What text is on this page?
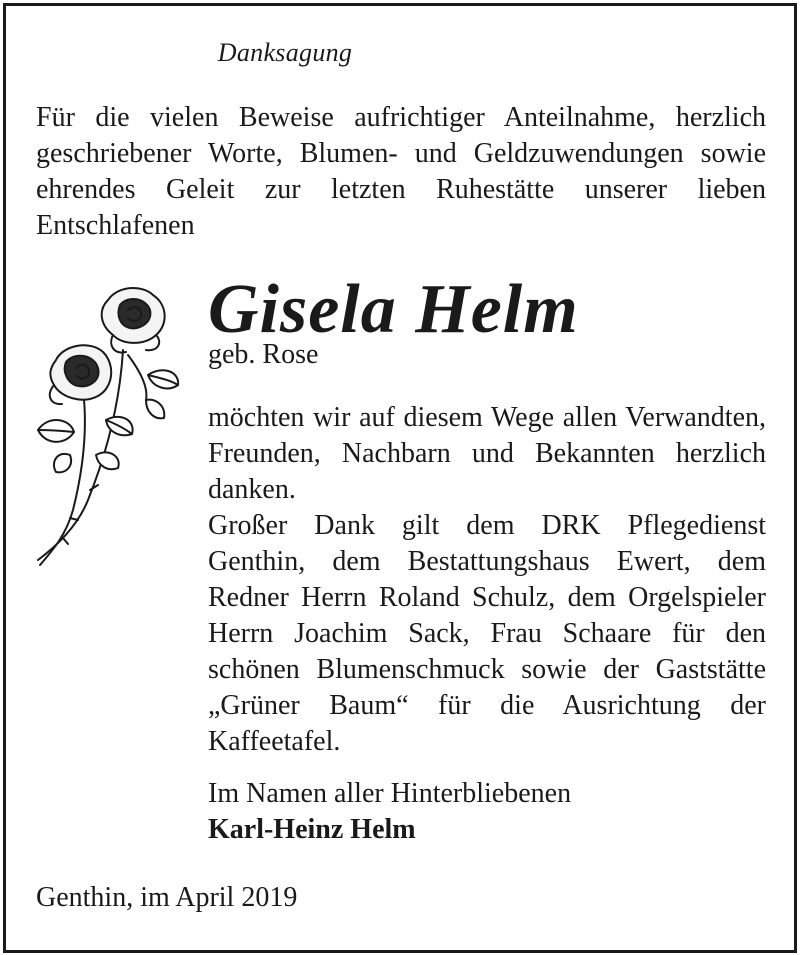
Danksagung

Für die vielen Beweise aufrichtiger Anteilnahme, herzlich geschriebener Worte, Blumen- und Geldzuwendungen sowie ehrendes Geleit zur letzten Ruhestätte unserer lieben Entschlafenen

Gisela Helm
geb. Rose

möchten wir auf diesem Wege allen Verwandten, Freunden, Nachbarn und Bekannten herzlich danken.

Großer Dank gilt dem DRK Pflegedienst Genthin, dem Bestattungshaus Ewert, dem Redner Herrn Roland Schulz, dem Orgelspieler Herrn Joachim Sack, Frau Schaare für den schönen Blumenschmuck sowie der Gaststätte „Grüner Baum“ für die Ausrichtung der Kaffeetafel.

Im Namen aller Hinterbliebenen
Karl-Heinz Helm
Genthin, im April 2019
